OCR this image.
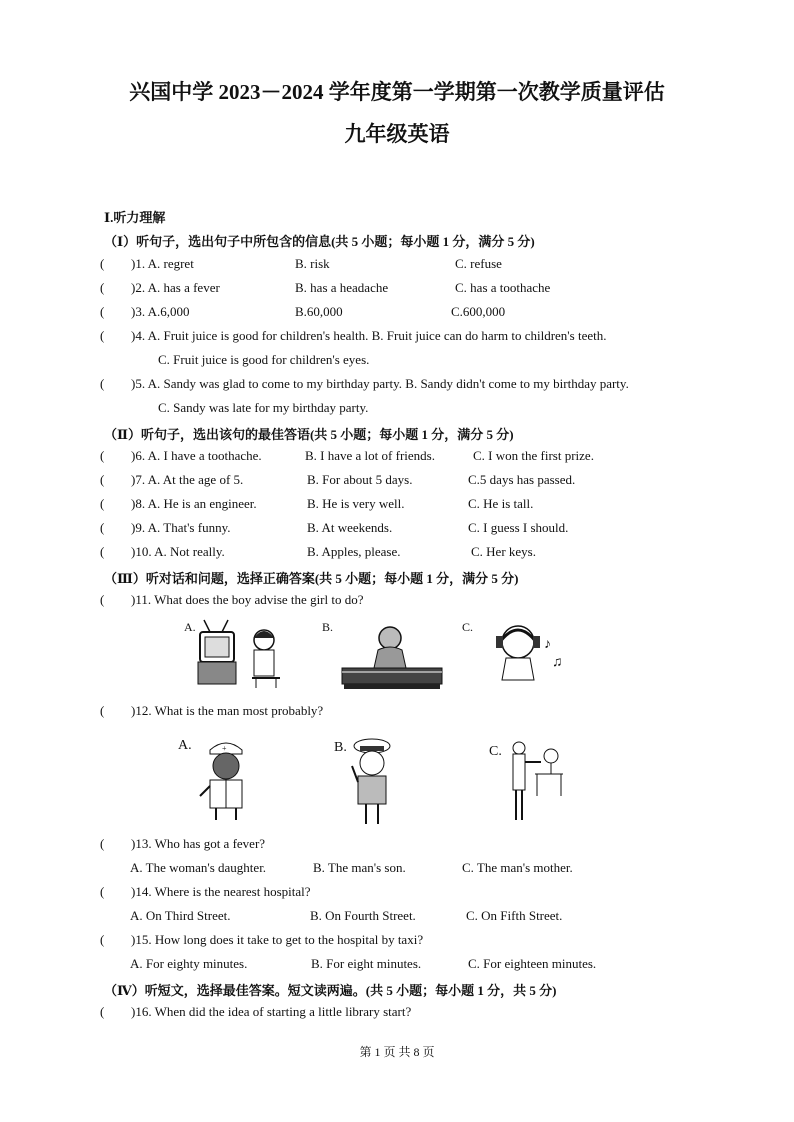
兴国中学 2023－2024 学年度第一学期第一次教学质量评估
九年级英语
Ⅰ.听力理解
（Ⅰ）听句子，选出句子中所包含的信息(共 5 小题；每小题 1 分，满分 5 分)
( )1. A. regret	B. risk	C. refuse
( )2. A. has a fever	B. has a headache	C. has a toothache
( )3. A.6,000	B.60,000	C.600,000
( )4. A. Fruit juice is good for children's health. B. Fruit juice can do harm to children's teeth.
C. Fruit juice is good for children's eyes.
( )5. A. Sandy was glad to come to my birthday party. B. Sandy didn't come to my birthday party.
C. Sandy was late for my birthday party.
（Ⅱ）听句子，选出该句的最佳答语(共 5 小题；每小题 1 分，满分 5 分)
( )6. A. I have a toothache.	B. I have a lot of friends.	C. I won the first prize.
( )7. A. At the age of 5.	B. For about 5 days.	C.5 days has passed.
( )8. A. He is an engineer.	B. He is very well.	C. He is tall.
( )9. A. That's funny.	B. At weekends.	C. I guess I should.
( )10. A. Not really.	B. Apples, please.	C. Her keys.
（Ⅲ）听对话和问题，选择正确答案(共 5 小题；每小题 1 分，满分 5 分)
( )11. What does the boy advise the girl to do?
A.	B.	C.
♪
♫
( )12. What is the man most probably?
A.	+	B.	C.
( )13. Who has got a fever?
A. The woman's daughter.	B. The man's son.	C. The man's mother.
( )14. Where is the nearest hospital?
A. On Third Street.	B. On Fourth Street.	C. On Fifth Street.
( )15. How long does it take to get to the hospital by taxi?
A. For eighty minutes.	B. For eight minutes.	C. For eighteen minutes.
（Ⅳ）听短文，选择最佳答案。短文读两遍。(共 5 小题；每小题 1 分，共 5 分)
( )16. When did the idea of starting a little library start?
第 1 页 共 8 页
